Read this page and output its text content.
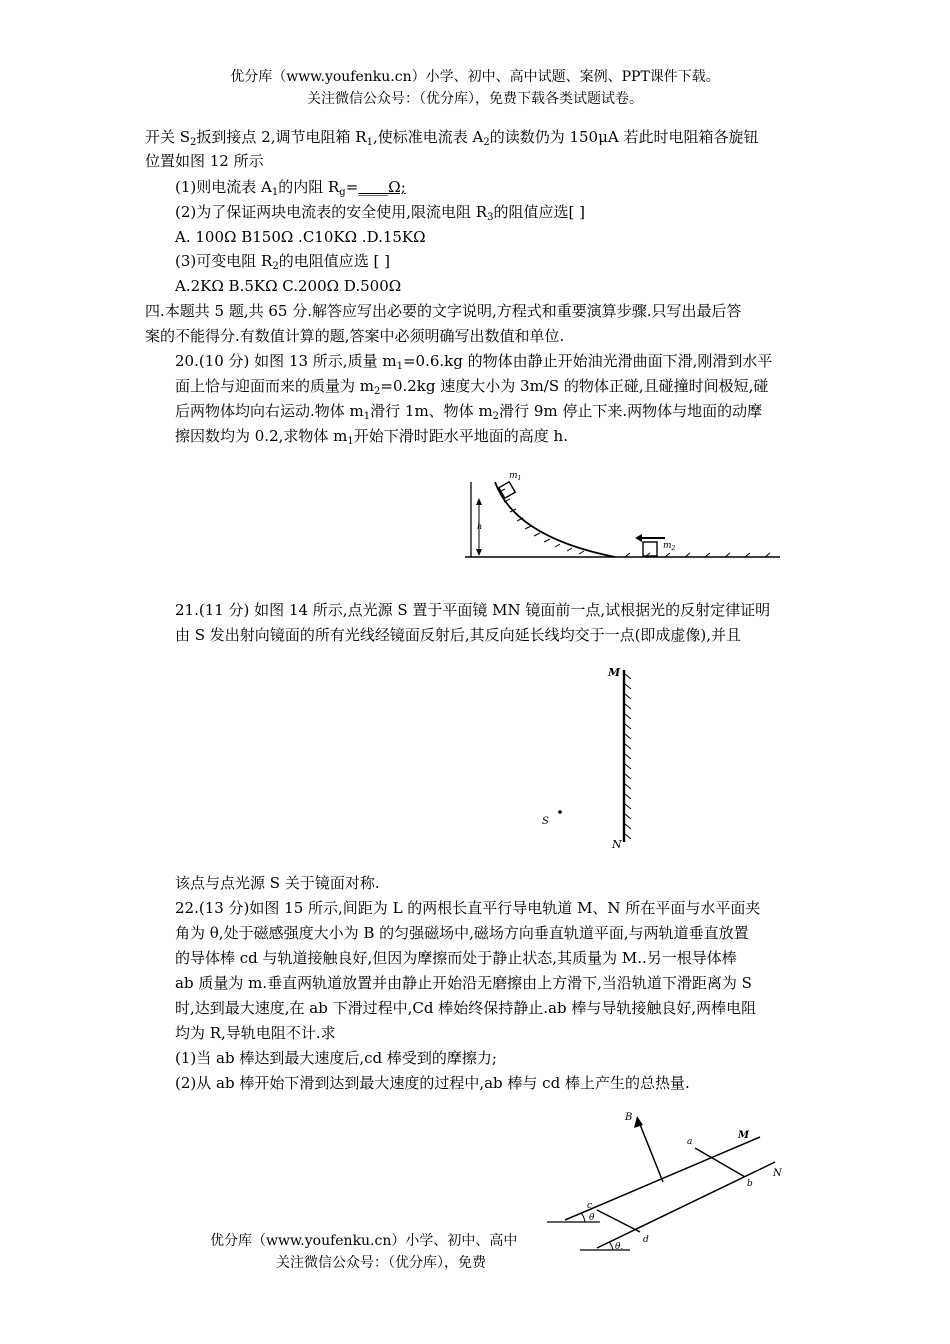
优分库（www.youfenku.cn）小学、初中、高中试题、案例、PPT课件下载。
关注微信公众号：（优分库），免费下载各类试题试卷。
开关 $S_2$扳到接点 2,调节电阻箱 $R_1$,使标准电流表 $A_2$的读数仍为 150μA 若此时电阻箱各旋钮
位置如图 12 所示
(1)则电流表 $A_1$的内阻 $R_g=\_\_\_\_\Omega$;
(2)为了保证两块电流表的安全使用,限流电阻 $R_3$的阻值应选[ ]
A. 100Ω B150Ω .C10KΩ .D.15KΩ
(3)可变电阻 $R_2$的电阻值应选 [ ]
A.2KΩ B.5KΩ C.200Ω D.500Ω
四.本题共 5 题,共 65 分.解答应写出必要的文字说明,方程式和重要演算步骤.只写出最后答
案的不能得分.有数值计算的题,答案中必须明确写出数值和单位.
20.(10 分) 如图 13 所示,质量 $m_1=0.6.kg$ 的物体由静止开始油光滑曲面下滑,刚滑到水平
面上恰与迎面而来的质量为 $m_2=0.2kg$ 速度大小为 3m/S 的物体正碰,且碰撞时间极短,碰
后两物体均向右运动.物体 $m_1$滑行 1m、物体 $m_2$滑行 9m 停止下来.两物体与地面的动摩
擦因数均为 0.2,求物体 $m_1$开始下滑时距水平地面的高度 h.
$m_1$
h
$m_2$
21.(11 分) 如图 14 所示,点光源 S 置于平面镜 MN 镜面前一点,试根据光的反射定律证明
由 S 发出射向镜面的所有光线经镜面反射后,其反向延长线均交于一点(即成虚像),并且
M
N
S
该点与点光源 S 关于镜面对称.
22.(13 分)如图 15 所示,间距为 L 的两根长直平行导电轨道 M、N 所在平面与水平面夹
角为 θ,处于磁感强度大小为 B 的匀强磁场中,磁场方向垂直轨道平面,与两轨道垂直放置
的导体棒 cd 与轨道接触良好,但因为摩擦而处于静止状态,其质量为 M..另一根导体棒
ab 质量为 m.垂直两轨道放置并由静止开始沿无磨擦由上方滑下,当沿轨道下滑距离为 S
时,达到最大速度,在 ab 下滑过程中,Cd 棒始终保持静止.ab 棒与导轨接触良好,两棒电阻
均为 R,导轨电阻不计.求
(1)当 ab 棒达到最大速度后,cd 棒受到的摩擦力;
(2)从 ab 棒开始下滑到达到最大速度的过程中,ab 棒与 cd 棒上产生的总热量.
B
a
M
b
N
c
d
θ
θ.
优分库（www.youfenku.cn）小学、初中、高中
关注微信公众号：（优分库），免费
